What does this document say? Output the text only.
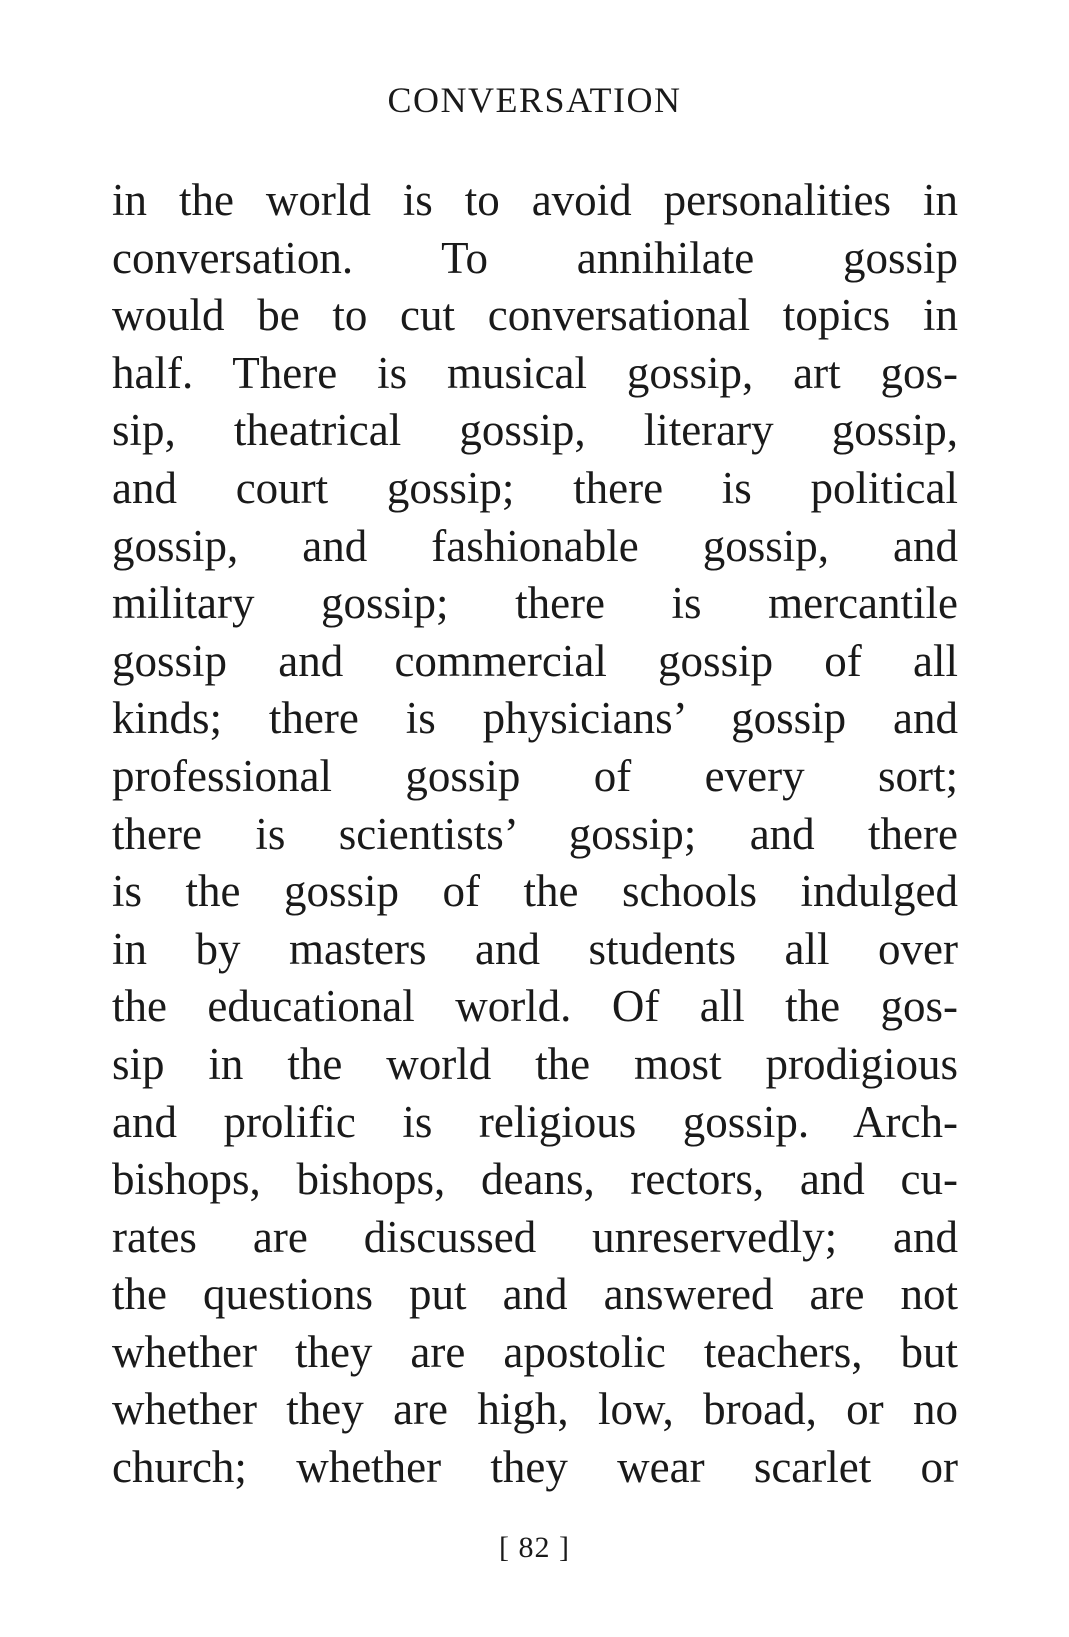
CONVERSATION
in the world is to avoid personalities in
conversation. To annihilate gossip
would be to cut conversational topics in
half. There is musical gossip, art gos-
sip, theatrical gossip, literary gossip,
and court gossip; there is political
gossip, and fashionable gossip, and
military gossip; there is mercantile
gossip and commercial gossip of all
kinds; there is physicians’ gossip and
professional gossip of every sort;
there is scientists’ gossip; and there
is the gossip of the schools indulged
in by masters and students all over
the educational world. Of all the gos-
sip in the world the most prodigious
and prolific is religious gossip. Arch-
bishops, bishops, deans, rectors, and cu-
rates are discussed unreservedly; and
the questions put and answered are not
whether they are apostolic teachers, but
whether they are high, low, broad, or no
church; whether they wear scarlet or
[ 82 ]
